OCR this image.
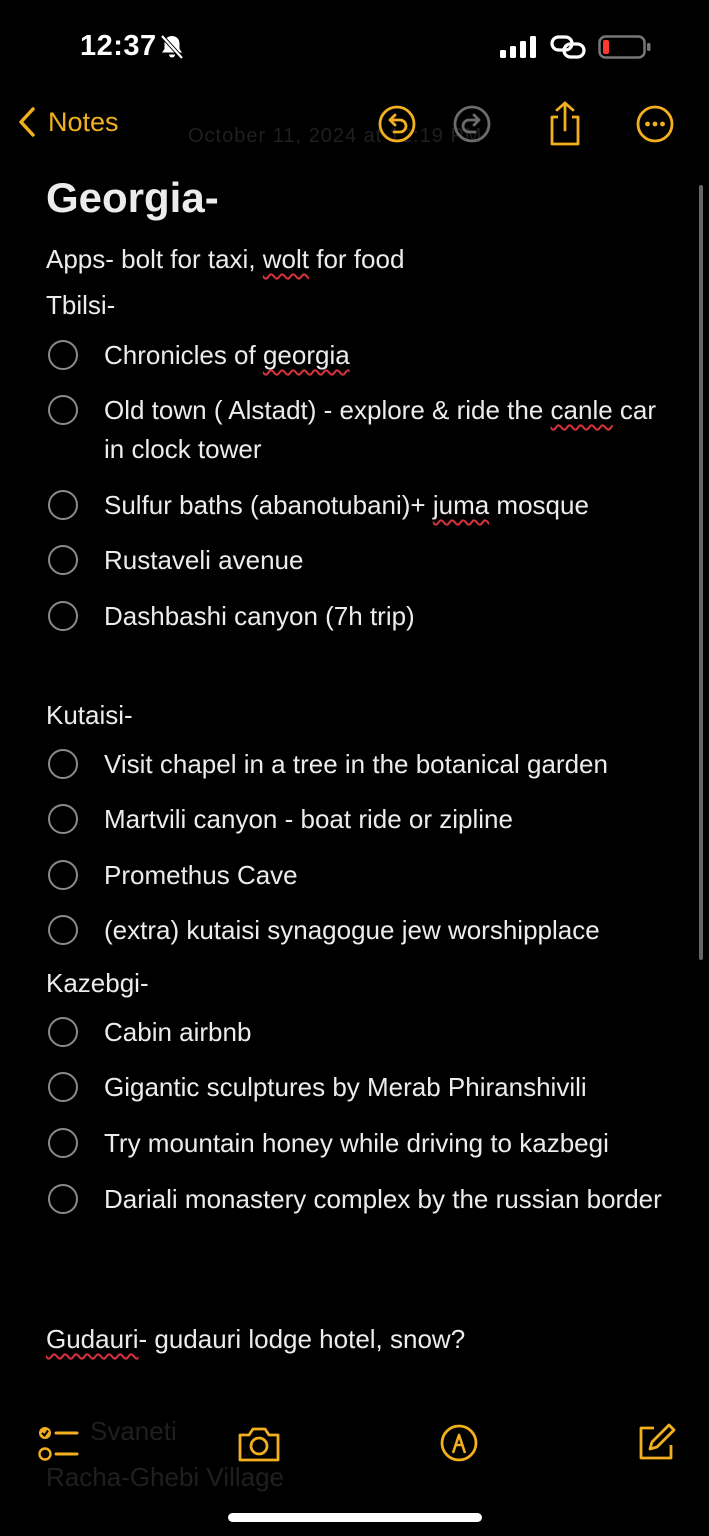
12:37
Notes	October 11, 2024 at 12:19 PM
Georgia-
Apps- bolt for taxi, wolt for food
Tbilsi-
Chronicles of georgia
Old town ( Alstadt) - explore & ride the canle car in clock tower
Sulfur baths (abanotubani)+ juma mosque
Rustaveli avenue
Dashbashi canyon (7h trip)
Kutaisi-
Visit chapel in a tree in the botanical garden
Martvili canyon - boat ride or zipline
Promethus Cave
(extra) kutaisi synagogue jew worshipplace
Kazebgi-
Cabin airbnb
Gigantic sculptures by Merab Phiranshivili
Try mountain honey while driving to kazbegi
Dariali monastery complex by the russian border
Gudauri- gudauri lodge hotel, snow?
Svaneti
Racha-Ghebi Village
